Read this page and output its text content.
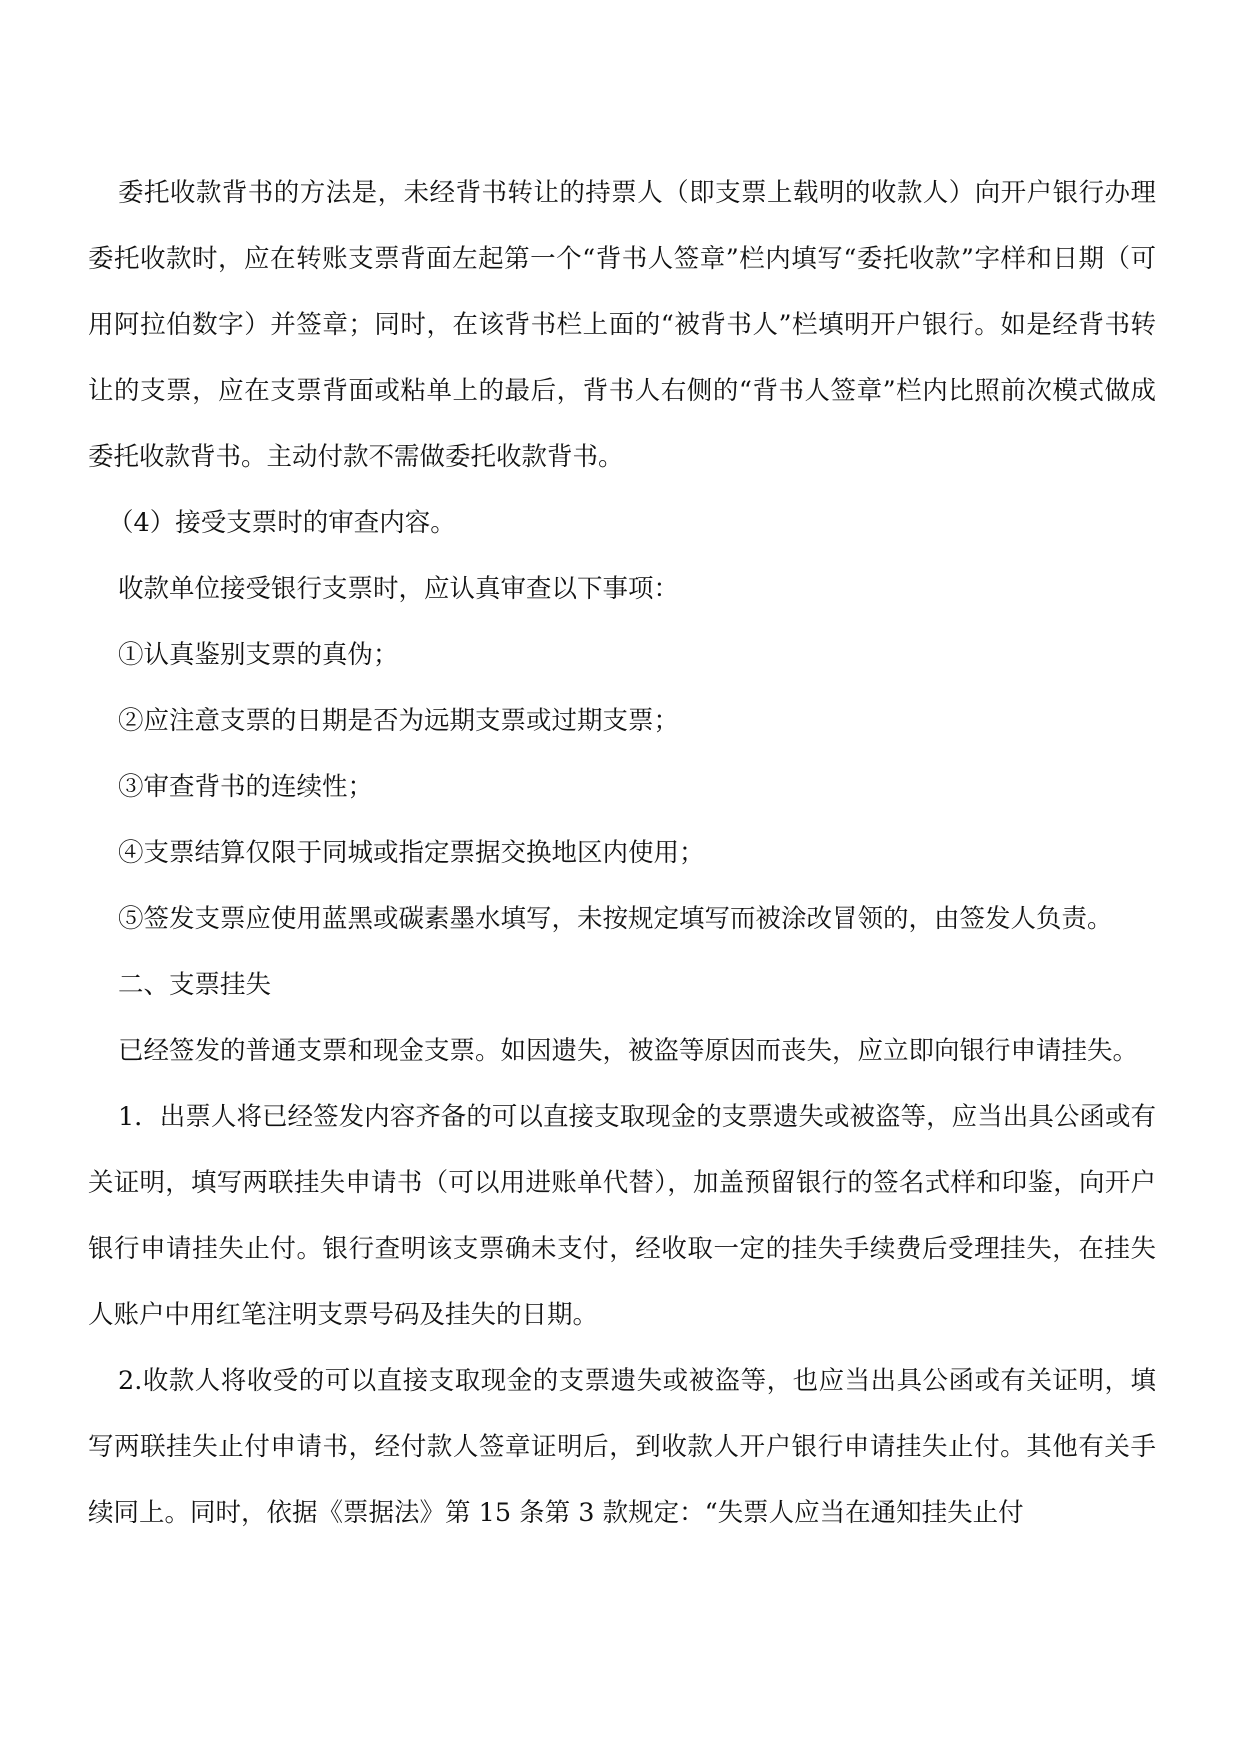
委托收款背书的方法是，未经背书转让的持票人（即支票上载明的收款人）向开户银行办理委托收款时，应在转账支票背面左起第一个“背书人签章”栏内填写“委托收款”字样和日期（可用阿拉伯数字）并签章；同时，在该背书栏上面的“被背书人”栏填明开户银行。如是经背书转让的支票，应在支票背面或粘单上的最后，背书人右侧的“背书人签章”栏内比照前次模式做成委托收款背书。主动付款不需做委托收款背书。

（4）接受支票时的审查内容。

收款单位接受银行支票时，应认真审查以下事项：

①认真鉴别支票的真伪；

②应注意支票的日期是否为远期支票或过期支票；

③审查背书的连续性；

④支票结算仅限于同城或指定票据交换地区内使用；

⑤签发支票应使用蓝黑或碳素墨水填写，未按规定填写而被涂改冒领的，由签发人负责。

二、支票挂失

已经签发的普通支票和现金支票。如因遗失，被盗等原因而丧失，应立即向银行申请挂失。

1．出票人将已经签发内容齐备的可以直接支取现金的支票遗失或被盗等，应当出具公函或有关证明，填写两联挂失申请书（可以用进账单代替），加盖预留银行的签名式样和印鉴，向开户银行申请挂失止付。银行查明该支票确未支付，经收取一定的挂失手续费后受理挂失，在挂失人账户中用红笔注明支票号码及挂失的日期。

2.收款人将收受的可以直接支取现金的支票遗失或被盗等，也应当出具公函或有关证明，填写两联挂失止付申请书，经付款人签章证明后，到收款人开户银行申请挂失止付。其他有关手续同上。同时，依据《票据法》第 15 条第 3 款规定：“失票人应当在通知挂失止付
